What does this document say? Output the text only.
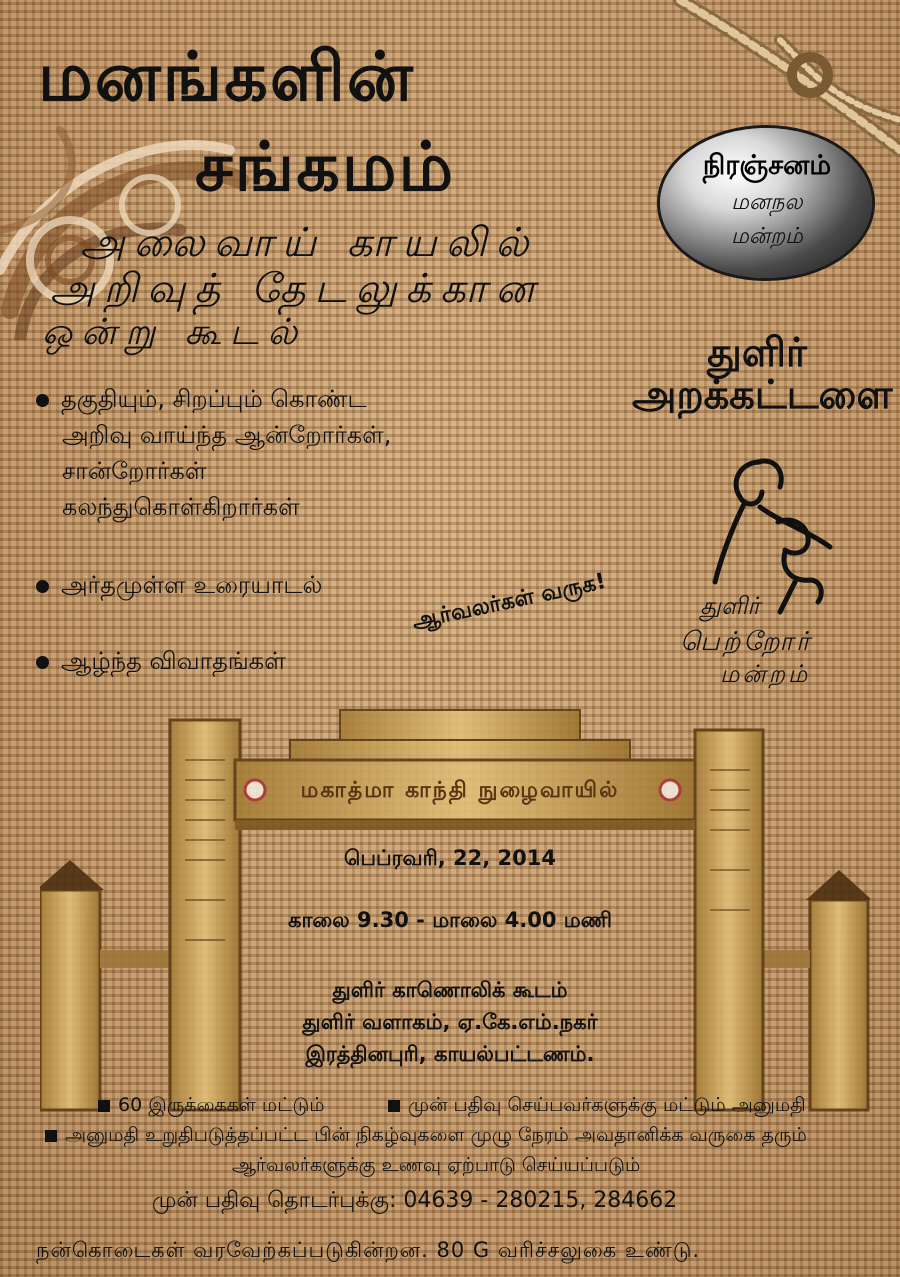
மனங்களின்
சங்கமம்
அலைவாய் காயலில்
அறிவுத் தேடலுக்கான
ஒன்று கூடல்
நிரஞ்சனம்
மனநல
மன்றம்
துளிர்
அறக்கட்டளை
துளிர்
பெற்றோர்
மன்றம்
தகுதியும், சிறப்பும் கொண்ட
அறிவு வாய்ந்த ஆன்றோர்கள்,
சான்றோர்கள்
கலந்துகொள்கிறார்கள்
அர்தமுள்ள உரையாடல்
ஆழ்ந்த விவாதங்கள்
ஆர்வலர்கள் வருக!
மகாத்மா காந்தி நுழைவாயில்
பெப்ரவரி, 22, 2014
காலை 9.30 - மாலை 4.00 மணி
துளிர் காணொலிக் கூடம்
துளிர் வளாகம், ஏ.கே.எம்.நகர்
இரத்தினபுரி, காயல்பட்டணம்.
60 இருக்கைகள் மட்டும்	முன் பதிவு செய்பவர்களுக்கு மட்டும் அனுமதி
அனுமதி உறுதிபடுத்தப்பட்ட பின் நிகழ்வுகளை முழு நேரம் அவதானிக்க வருகை தரும்
ஆர்வலர்களுக்கு உணவு ஏற்பாடு செய்யப்படும்
முன் பதிவு தொடர்புக்கு: 04639 - 280215, 284662
நன்கொடைகள் வரவேற்கப்படுகின்றன. 80 G வரிச்சலுகை உண்டு.
